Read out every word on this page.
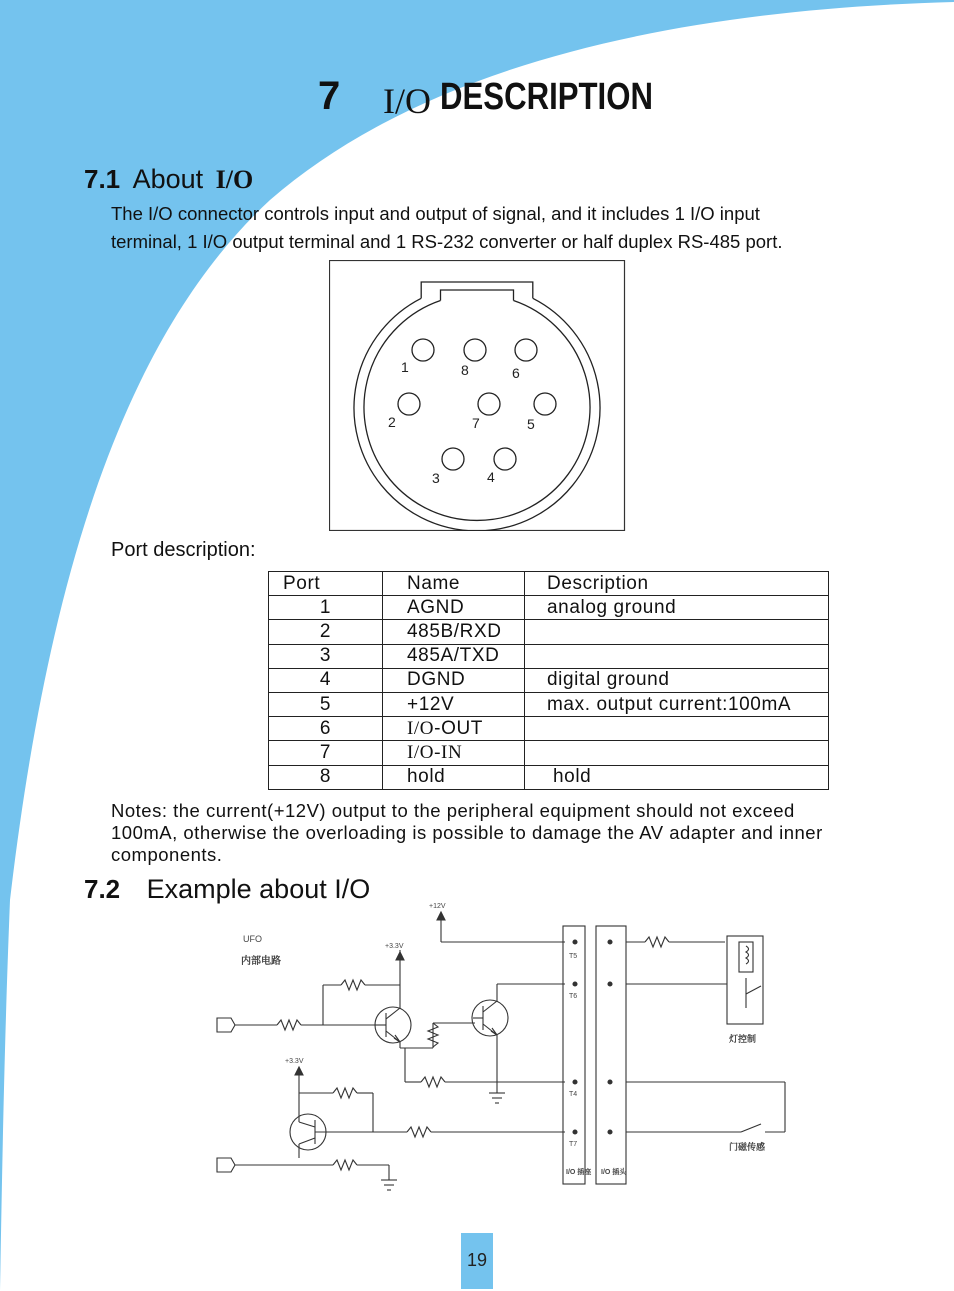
7 I/O DESCRIPTION
7.1 About I/O
The I/O connector controls input and output of signal, and it includes 1 I/O input
terminal, 1 I/O output terminal and 1 RS-232 converter or half duplex RS-485 port.
1	8	6
2	7	5
3	4
Port description:
Port	Name	Description
1	AGND	analog ground
2	485B/RXD	
3	485A/TXD	
4	DGND	digital ground
5	+12V	max. output current:100mA
6	I/O-OUT	
7	I/O-IN	
8	hold	hold
Notes: the current(+12V) output to the peripheral equipment should not exceed
100mA, otherwise the overloading is possible to damage the AV adapter and inner
components.
7.2 Example about I/O
UFO
内部电路
+3.3V
+3.3V
+12V
T5
T6
T4
T7
I/O 插座 I/O 插头
灯控制
门磁传感
19
